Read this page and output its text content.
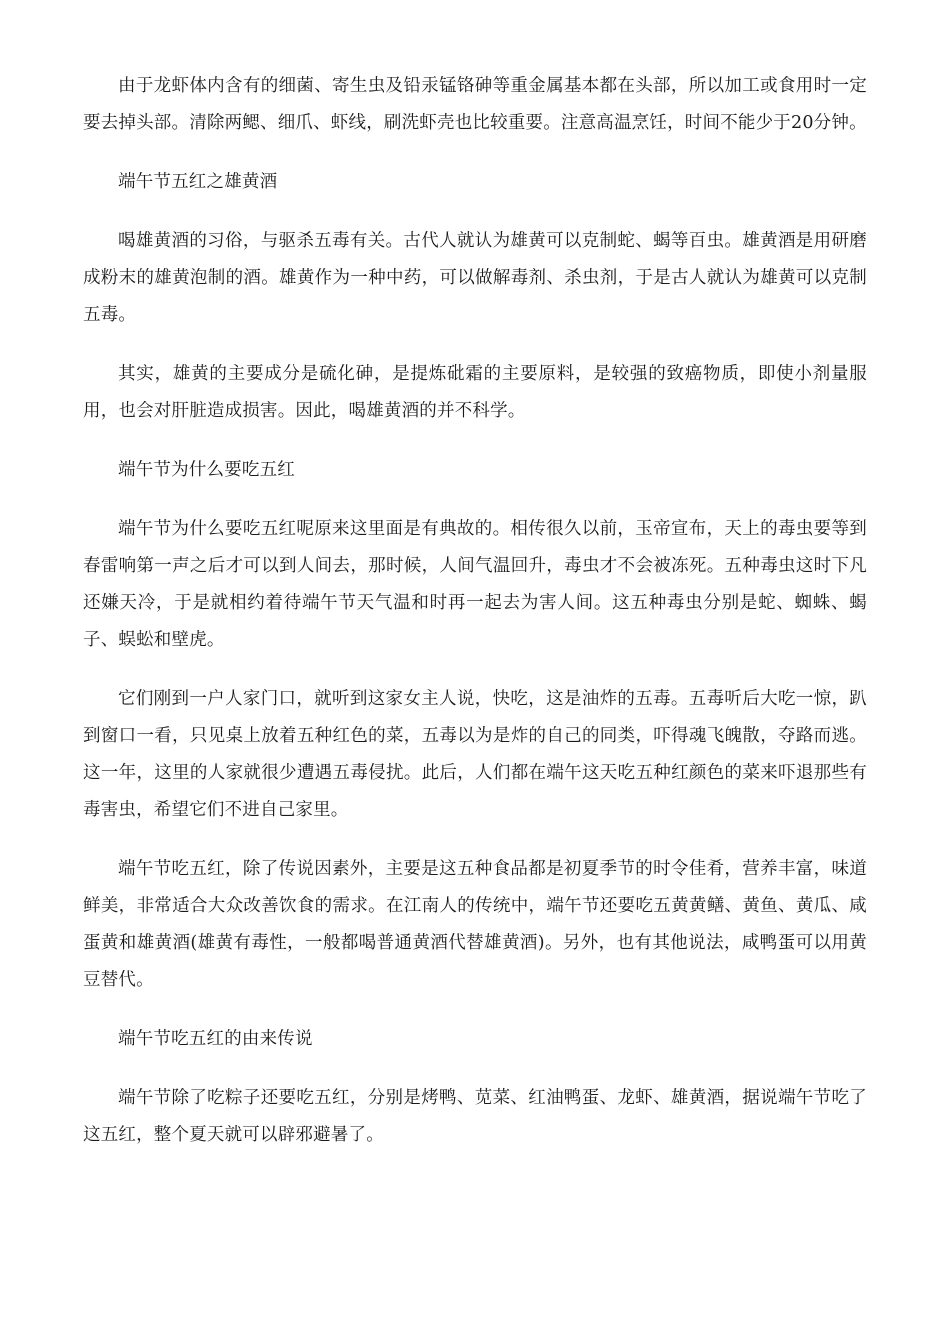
由于龙虾体内含有的细菌、寄生虫及铅汞锰铬砷等重金属基本都在头部，所以加工或食用时一定要去掉头部。清除两鳃、细爪、虾线，刷洗虾壳也比较重要。注意高温烹饪，时间不能少于20分钟。

端午节五红之雄黄酒

喝雄黄酒的习俗，与驱杀五毒有关。古代人就认为雄黄可以克制蛇、蝎等百虫。雄黄酒是用研磨成粉末的雄黄泡制的酒。雄黄作为一种中药，可以做解毒剂、杀虫剂，于是古人就认为雄黄可以克制五毒。

其实，雄黄的主要成分是硫化砷，是提炼砒霜的主要原料，是较强的致癌物质，即使小剂量服用，也会对肝脏造成损害。因此，喝雄黄酒的并不科学。

端午节为什么要吃五红

端午节为什么要吃五红呢原来这里面是有典故的。相传很久以前，玉帝宣布，天上的毒虫要等到春雷响第一声之后才可以到人间去，那时候，人间气温回升，毒虫才不会被冻死。五种毒虫这时下凡还嫌天冷，于是就相约着待端午节天气温和时再一起去为害人间。这五种毒虫分别是蛇、蜘蛛、蝎子、蜈蚣和壁虎。

它们刚到一户人家门口，就听到这家女主人说，快吃，这是油炸的五毒。五毒听后大吃一惊，趴到窗口一看，只见桌上放着五种红色的菜，五毒以为是炸的自己的同类，吓得魂飞魄散，夺路而逃。这一年，这里的人家就很少遭遇五毒侵扰。此后，人们都在端午这天吃五种红颜色的菜来吓退那些有毒害虫，希望它们不进自己家里。

端午节吃五红，除了传说因素外，主要是这五种食品都是初夏季节的时令佳肴，营养丰富，味道鲜美，非常适合大众改善饮食的需求。在江南人的传统中，端午节还要吃五黄黄鳝、黄鱼、黄瓜、咸蛋黄和雄黄酒(雄黄有毒性，一般都喝普通黄酒代替雄黄酒)。另外，也有其他说法，咸鸭蛋可以用黄豆替代。

端午节吃五红的由来传说

端午节除了吃粽子还要吃五红，分别是烤鸭、苋菜、红油鸭蛋、龙虾、雄黄酒，据说端午节吃了这五红，整个夏天就可以辟邪避暑了。
